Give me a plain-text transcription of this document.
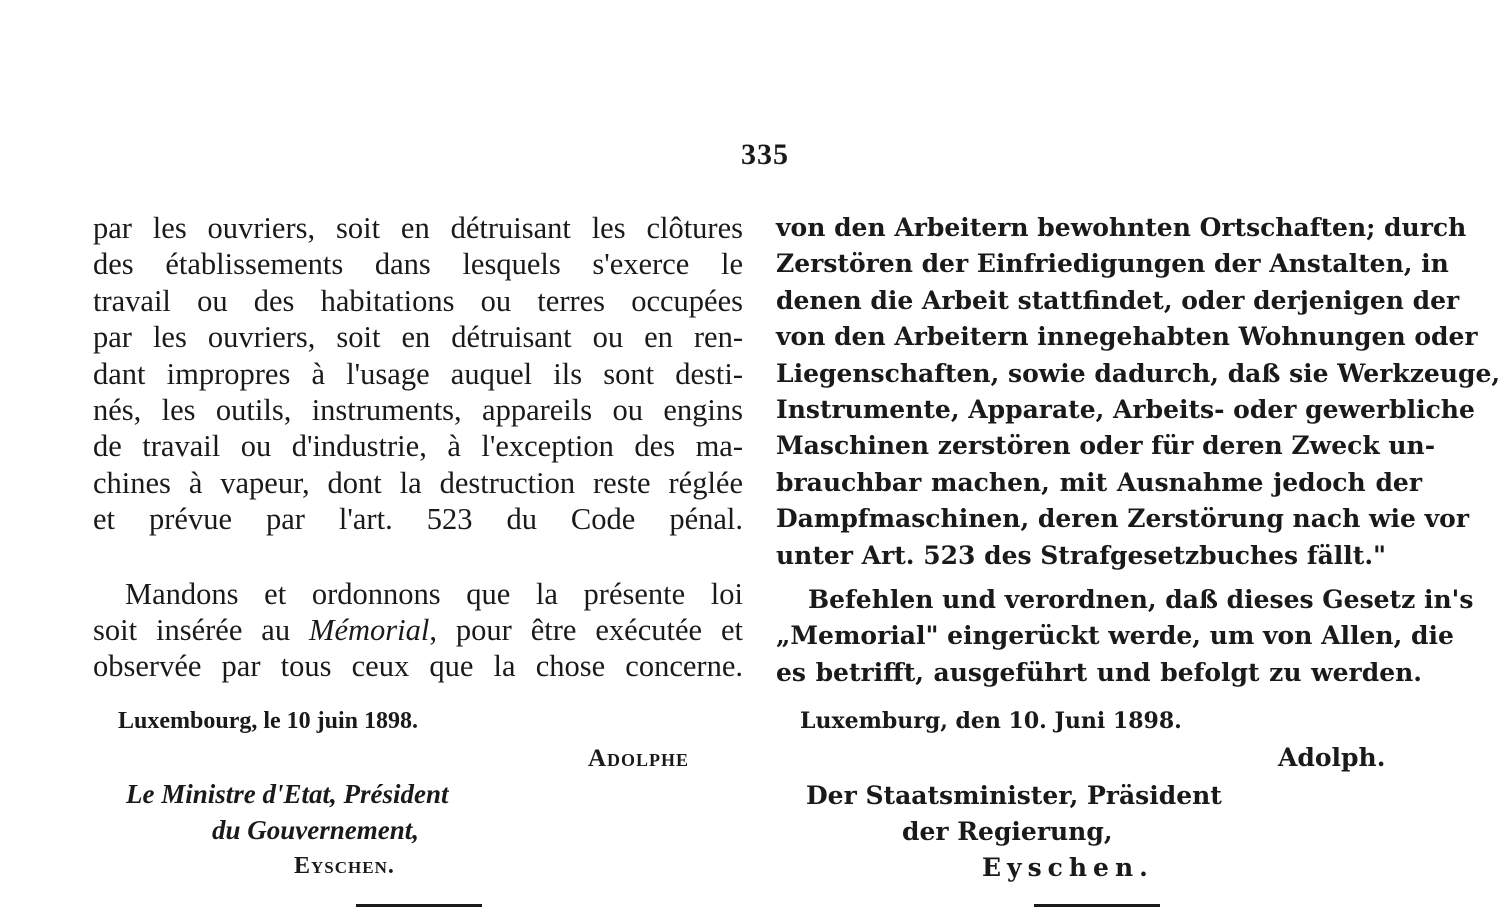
335
par les ouvriers, soit en détruisant les clôtures
des établissements dans lesquels s'exerce le
travail ou des habitations ou terres occupées
par les ouvriers, soit en détruisant ou en ren-
dant impropres à l'usage auquel ils sont desti-
nés, les outils, instruments, appareils ou engins
de travail ou d'industrie, à l'exception des ma-
chines à vapeur, dont la destruction reste réglée
et prévue par l'art. 523 du Code pénal.
Mandons et ordonnons que la présente loi
soit insérée au Mémorial, pour être exécutée et
observée par tous ceux que la chose concerne.
von den Arbeitern bewohnten Ortschaften; durch
Zerstören der Einfriedigungen der Anstalten, in
denen die Arbeit stattfindet, oder derjenigen der
von den Arbeitern innegehabten Wohnungen oder
Liegenschaften, sowie dadurch, daß sie Werkzeuge,
Instrumente, Apparate, Arbeits- oder gewerbliche
Maschinen zerstören oder für deren Zweck un-
brauchbar machen, mit Ausnahme jedoch der
Dampfmaschinen, deren Zerstörung nach wie vor
unter Art. 523 des Strafgesetzbuches fällt."
Befehlen und verordnen, daß dieses Gesetz in's
„Memorial" eingerückt werde, um von Allen, die
es betrifft, ausgeführt und befolgt zu werden.
Luxembourg, le 10 juin 1898.
Adolphe
Le Ministre d'Etat, Président
du Gouvernement,
Eyschen.
Luxemburg, den 10. Juni 1898.
Adolph.
Der Staatsminister, Präsident
der Regierung,
Eyschen.
